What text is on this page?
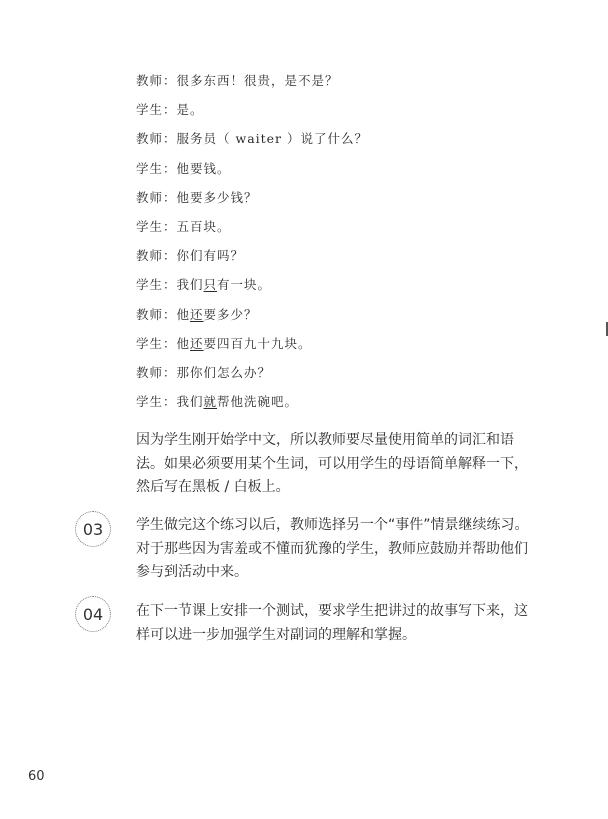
教师：很多东西！很贵，是不是？
学生：是。
教师：服务员（ waiter ）说了什么？
学生：他要钱。
教师：他要多少钱？
学生：五百块。
教师：你们有吗？
学生：我们只有一块。
教师：他还要多少？
学生：他还要四百九十九块。
教师：那你们怎么办？
学生：我们就帮他洗碗吧。

因为学生刚开始学中文，所以教师要尽量使用简单的词汇和语法。如果必须要用某个生词，可以用学生的母语简单解释一下，然后写在黑板 / 白板上。

03	学生做完这个练习以后，教师选择另一个“事件”情景继续练习。对于那些因为害羞或不懂而犹豫的学生，教师应鼓励并帮助他们参与到活动中来。

04	在下一节课上安排一个测试，要求学生把讲过的故事写下来，这样可以进一步加强学生对副词的理解和掌握。

60
